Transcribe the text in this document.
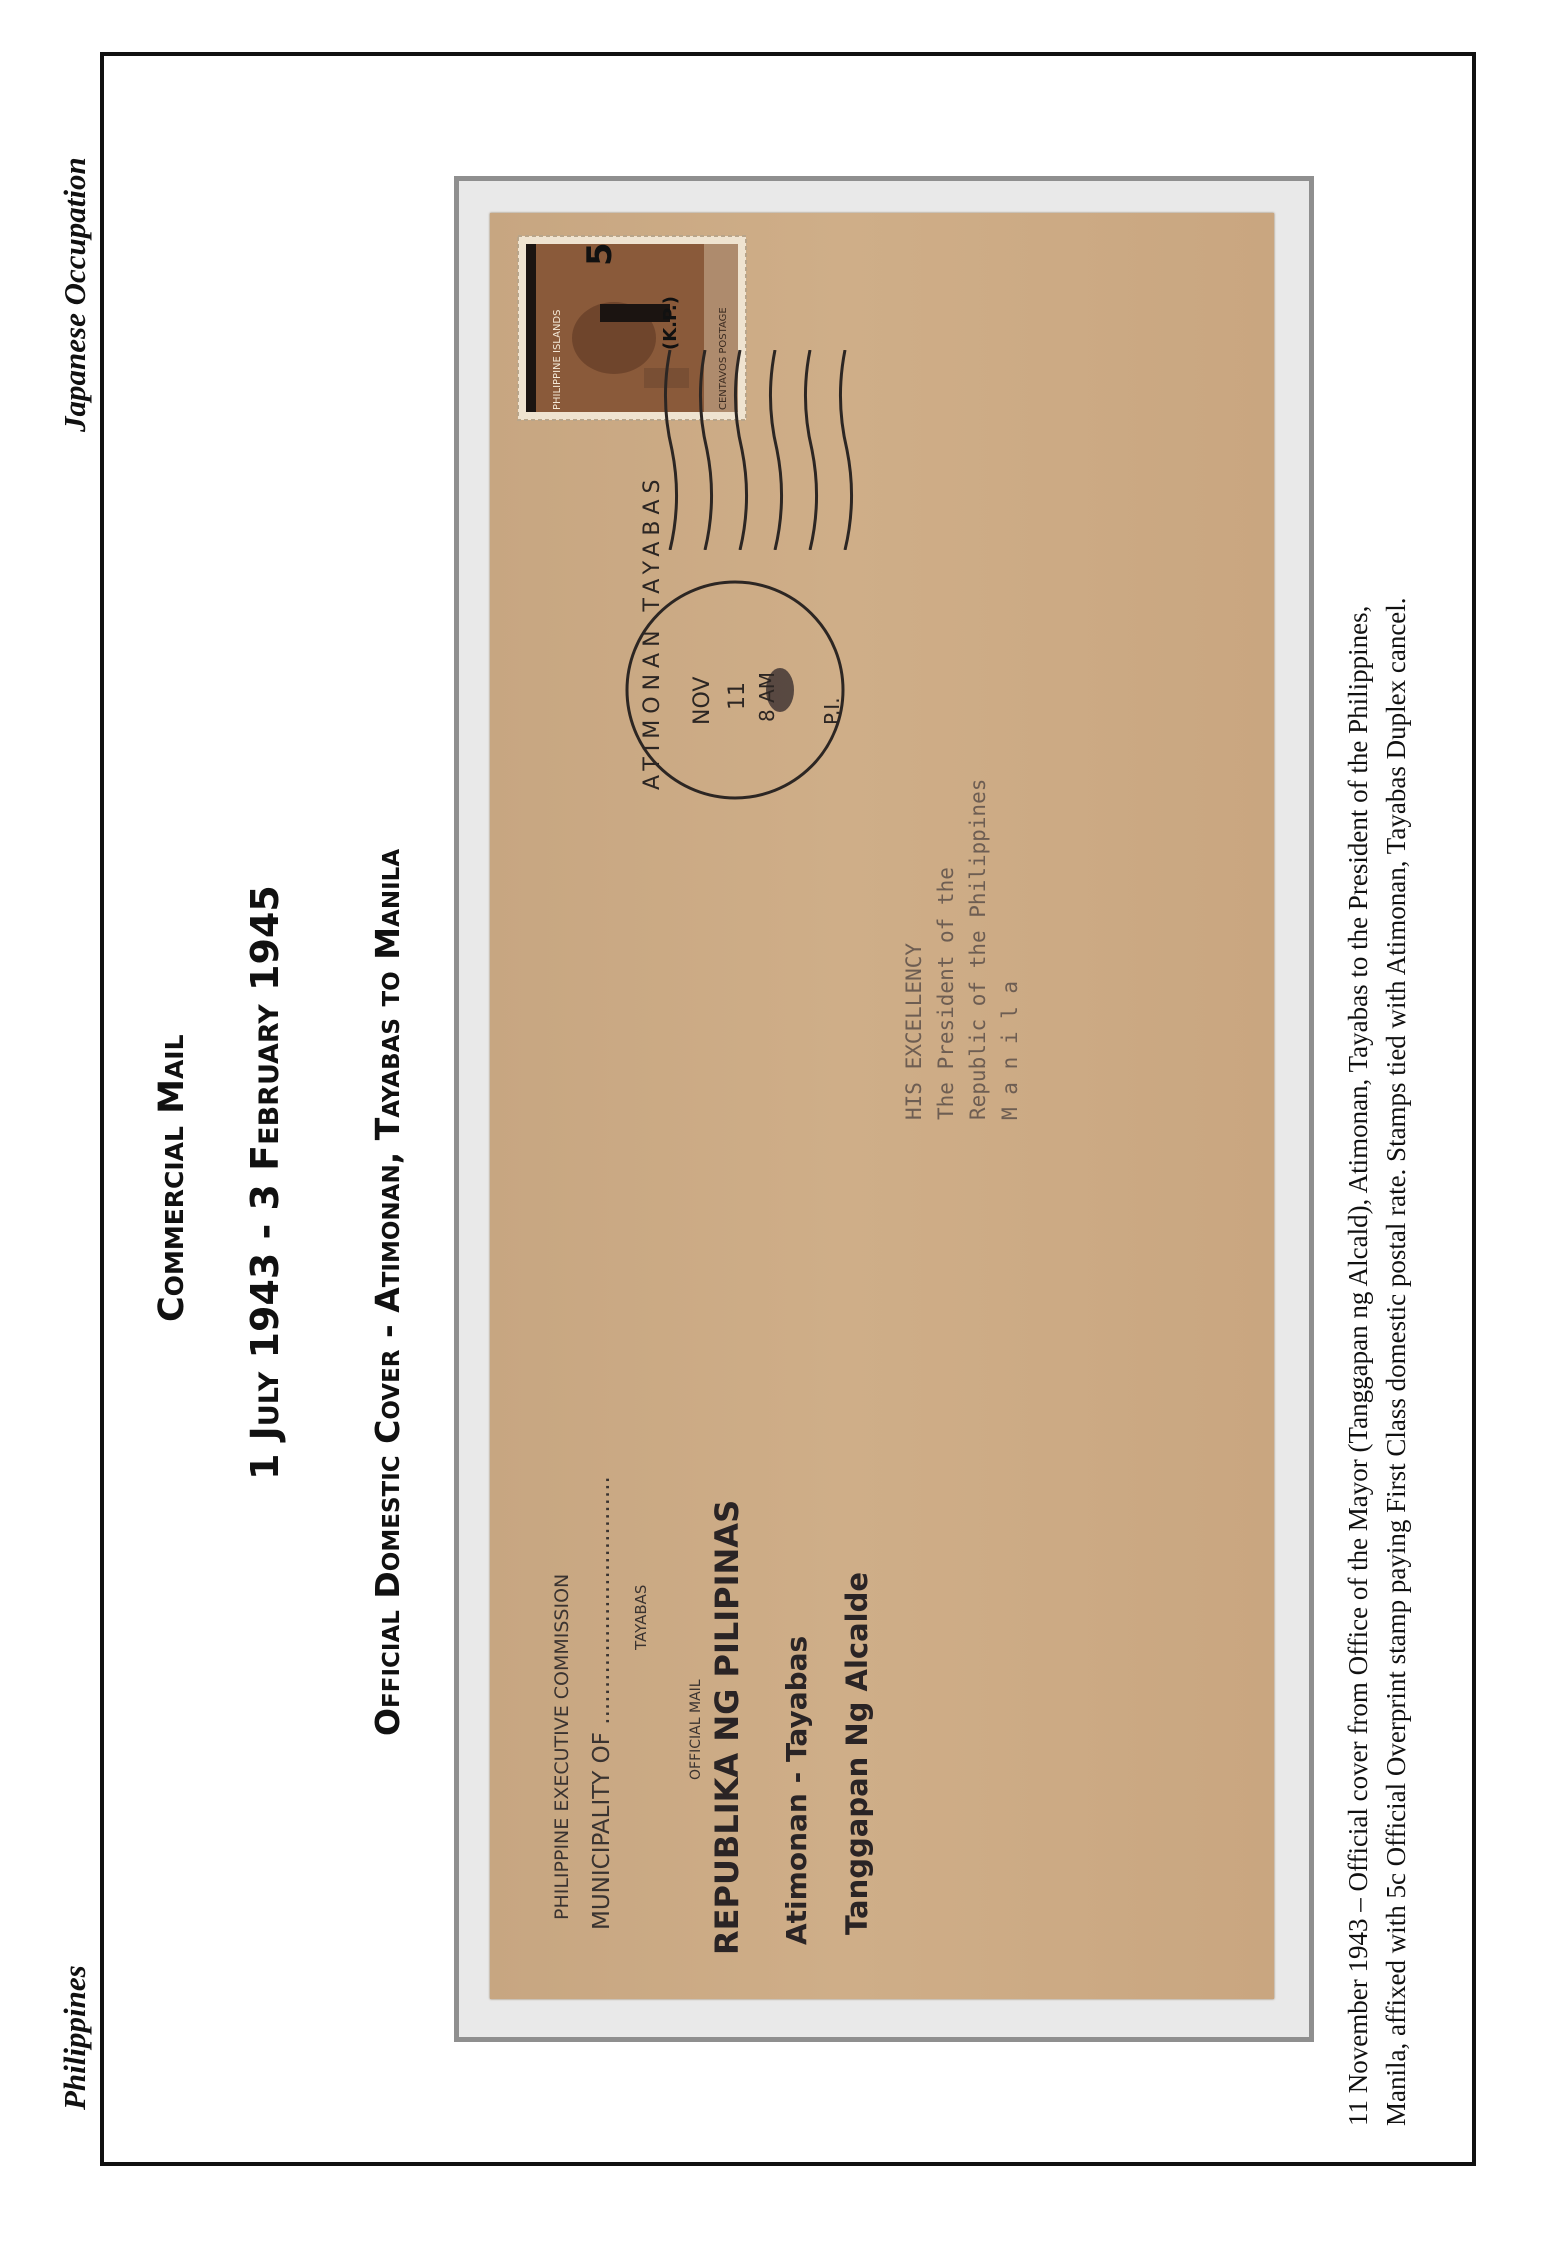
Philippines
Japanese Occupation
Commercial Mail 1 July 1943 - 3 February 1945 Official Domestic Cover - Atimonan, Tayabas to Manila
PHILIPPINE ISLANDS
5
(K.P.)	CENTAVOS POSTAGE
ATIMONAN TAYABAS	P.I.
NOV 11 8 AM
HIS EXCELLENCY The President of the Republic of the Philippines M a n i l a
PHILIPPINE EXECUTIVE COMMISSION MUNICIPALITY OF .................................. TAYABAS
OFFICIAL MAIL REPUBLIKA NG PILIPINAS Atimonan - Tayabas Tanggapan Ng Alcalde	11 November 1943 – Official cover from Office of the Mayor (Tanggapan ng Alcald), Atimonan, Tayabas to the President of the Philippines, Manila, affixed with 5c Official Overprint stamp paying First Class domestic postal rate. Stamps tied with Atimonan, Tayabas Duplex cancel.
